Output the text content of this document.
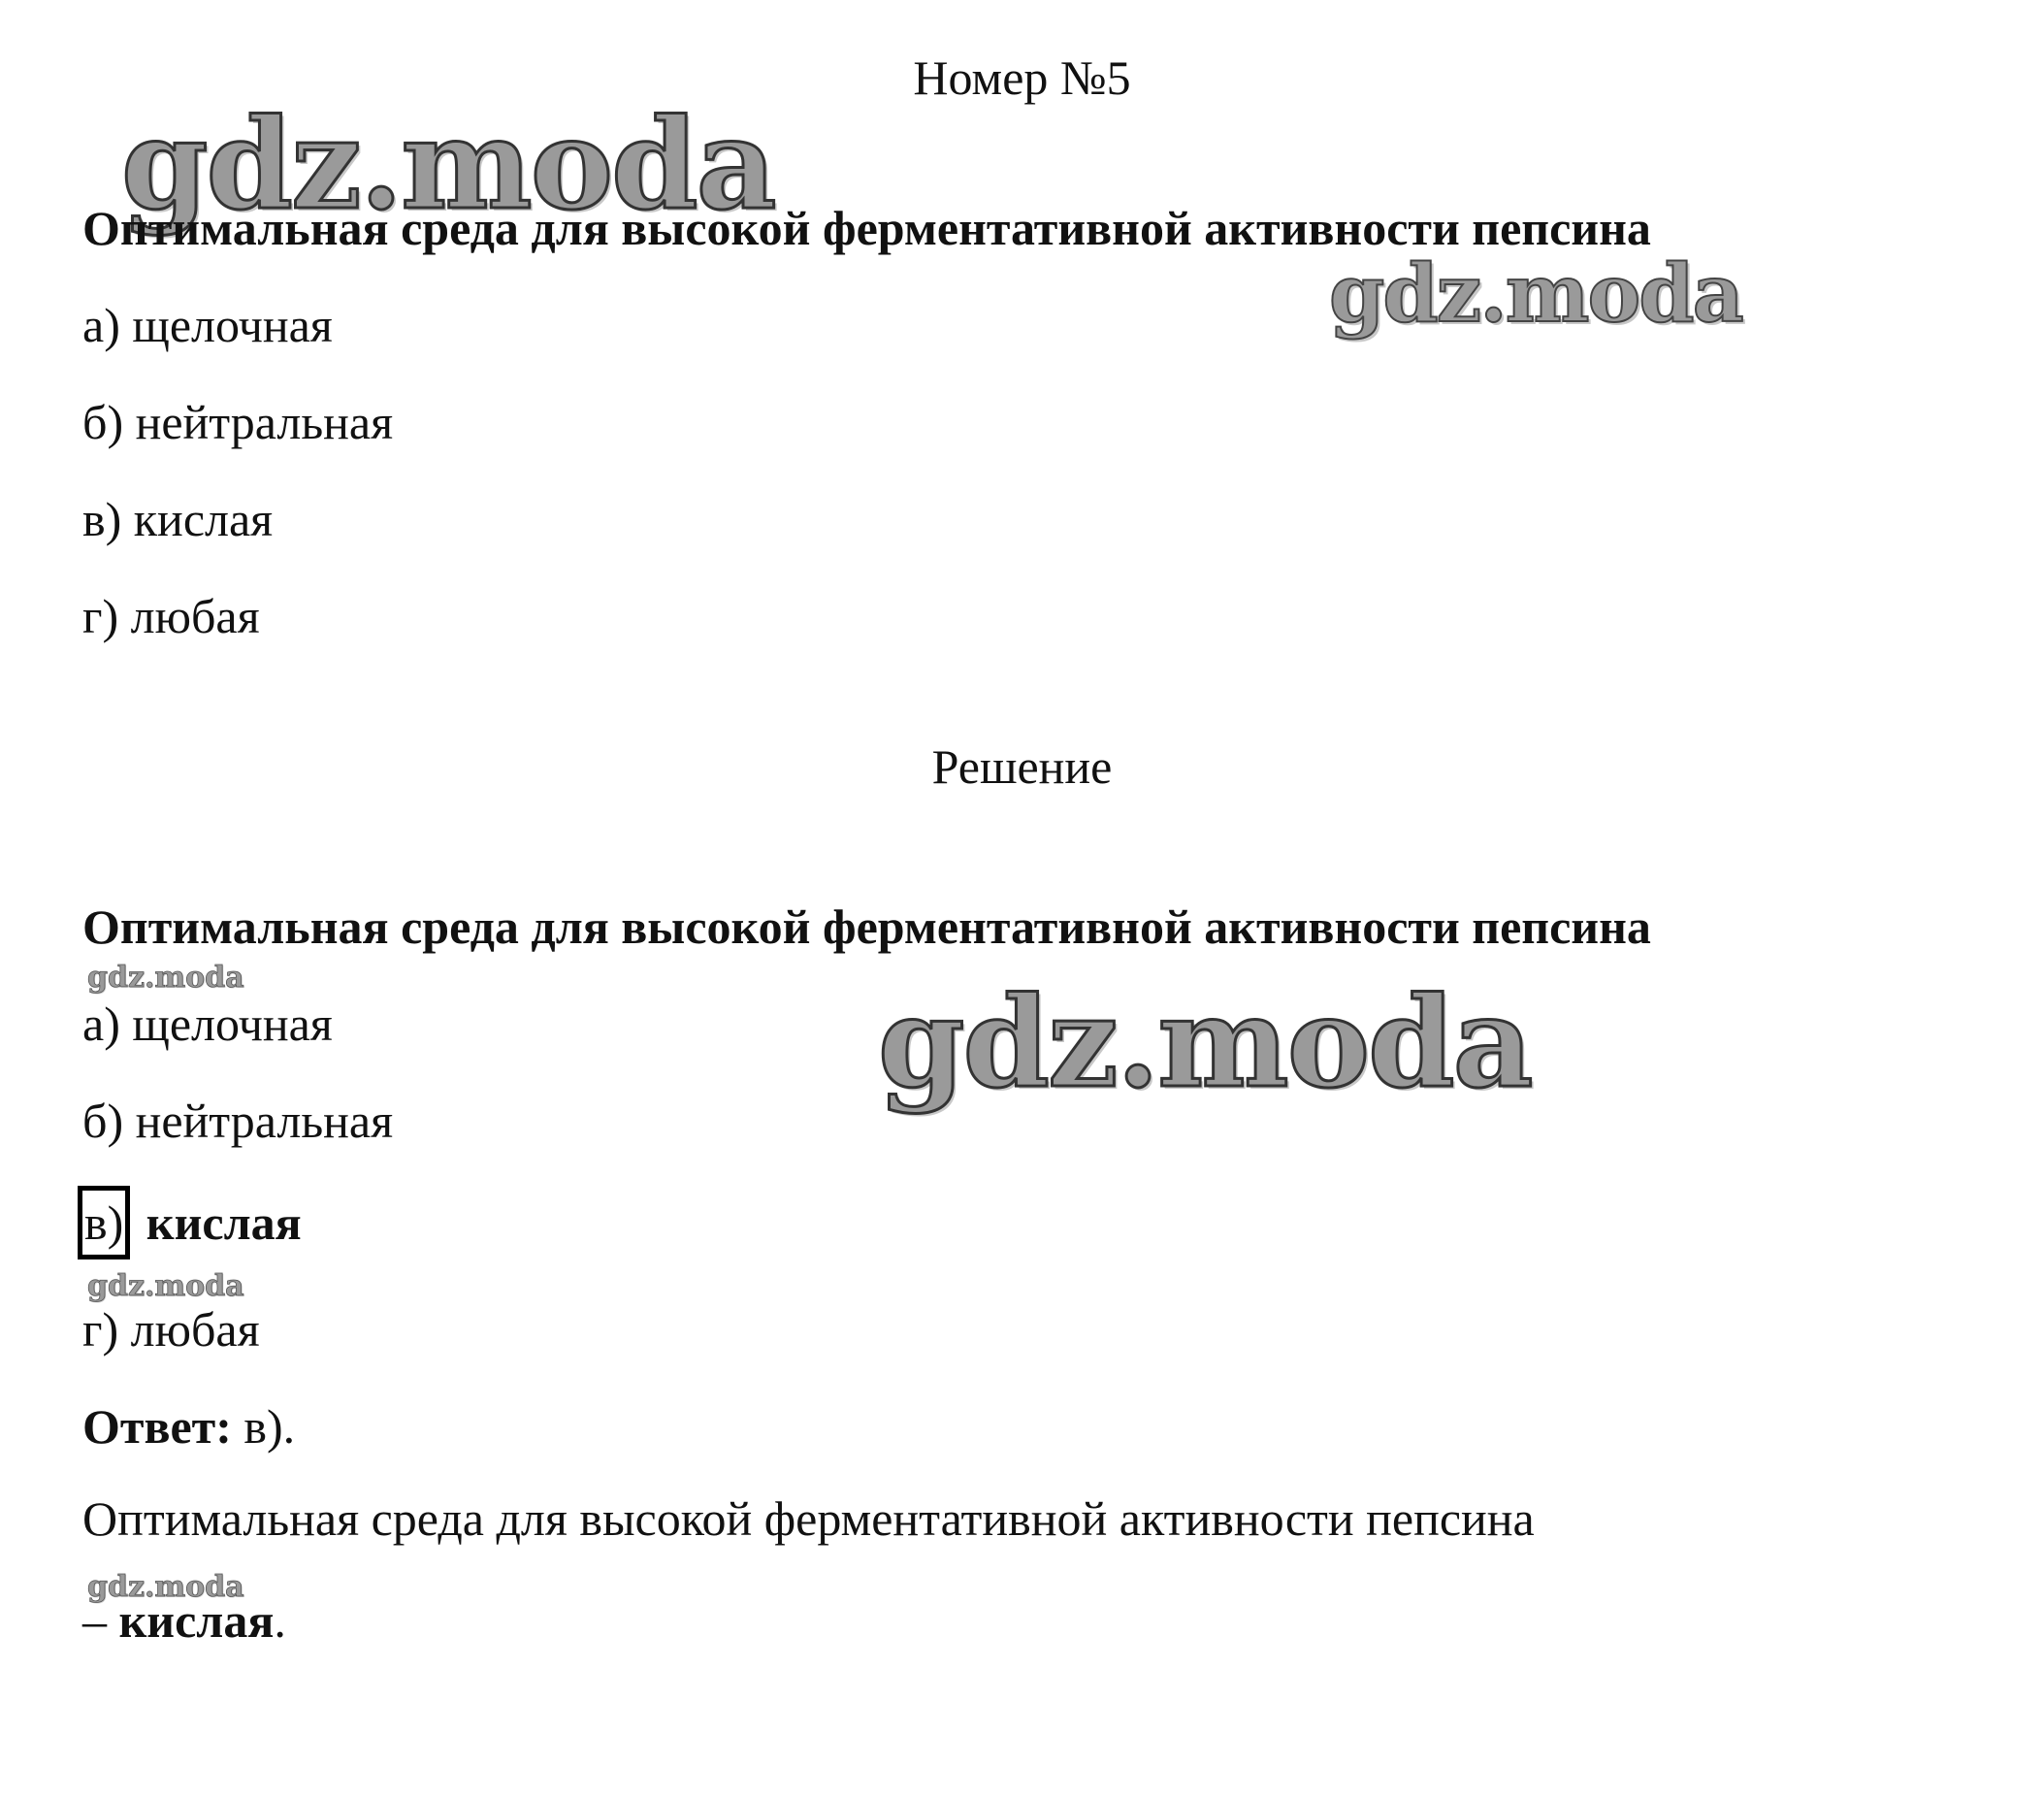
Номер №5
gdz.moda
Оптимальная среда для высокой ферментативной активности пепсина
gdz.moda
а) щелочная
б) нейтральная
в) кислая
г) любая
Решение
Оптимальная среда для высокой ферментативной активности пепсина
gdz.moda
а) щелочная	gdz.moda
б) нейтральная
в) кислая
gdz.moda
г) любая
Ответ: в).
Оптимальная среда для высокой ферментативной активности пепсина
gdz.moda
– кислая.
